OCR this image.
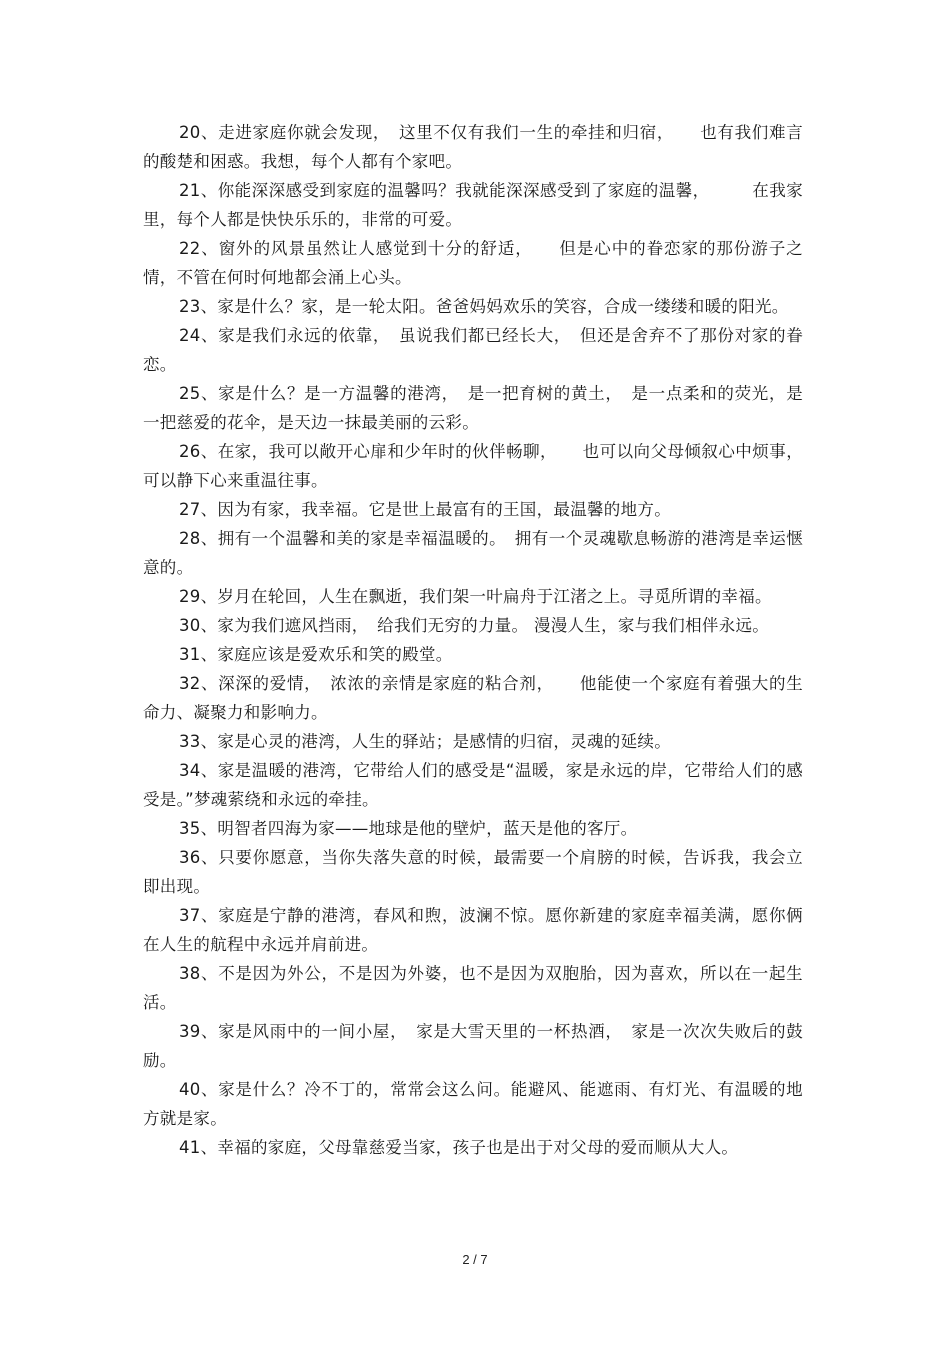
20、走进家庭你就会发现，　这里不仅有我们一生的牵挂和归宿，　　也有我们难言的酸楚和困惑。我想，每个人都有个家吧。

21、你能深深感受到家庭的温馨吗？我就能深深感受到了家庭的温馨，　　　在我家里，每个人都是快快乐乐的，非常的可爱。

22、窗外的风景虽然让人感觉到十分的舒适，　　但是心中的眷恋家的那份游子之情，不管在何时何地都会涌上心头。

23、家是什么？家，是一轮太阳。爸爸妈妈欢乐的笑容，合成一缕缕和暖的阳光。

24、家是我们永远的依靠，　虽说我们都已经长大，　但还是舍弃不了那份对家的眷恋。

25、家是什么？是一方温馨的港湾，　是一把育树的黄土，　是一点柔和的荧光，是一把慈爱的花伞，是天边一抹最美丽的云彩。

26、在家，我可以敞开心扉和少年时的伙伴畅聊，　　也可以向父母倾叙心中烦事，可以静下心来重温往事。

27、因为有家，我幸福。它是世上最富有的王国，最温馨的地方。

28、拥有一个温馨和美的家是幸福温暖的。　拥有一个灵魂歇息畅游的港湾是幸运惬意的。

29、岁月在轮回，人生在飘逝，我们架一叶扁舟于江渚之上。寻觅所谓的幸福。

30、家为我们遮风挡雨，　给我们无穷的力量。 漫漫人生，家与我们相伴永远。

31、家庭应该是爱欢乐和笑的殿堂。

32、深深的爱情，　浓浓的亲情是家庭的粘合剂，　　他能使一个家庭有着强大的生命力、凝聚力和影响力。

33、家是心灵的港湾，人生的驿站；是感情的归宿，灵魂的延续。

34、家是温暖的港湾，它带给人们的感受是“温暖，家是永远的岸，它带给人们的感受是。”梦魂萦绕和永远的牵挂。

35、明智者四海为家——地球是他的壁炉，蓝天是他的客厅。

36、只要你愿意，当你失落失意的时候，最需要一个肩膀的时候，告诉我，我会立即出现。

37、家庭是宁静的港湾，春风和煦，波澜不惊。愿你新建的家庭幸福美满，愿你俩在人生的航程中永远并肩前进。

38、不是因为外公，不是因为外婆，也不是因为双胞胎，因为喜欢，所以在一起生活。

39、家是风雨中的一间小屋，　家是大雪天里的一杯热酒，　家是一次次失败后的鼓励。

40、家是什么？冷不丁的，常常会这么问。能避风、能遮雨、有灯光、有温暖的地方就是家。

41、幸福的家庭，父母靠慈爱当家，孩子也是出于对父母的爱而顺从大人。

2 / 7
